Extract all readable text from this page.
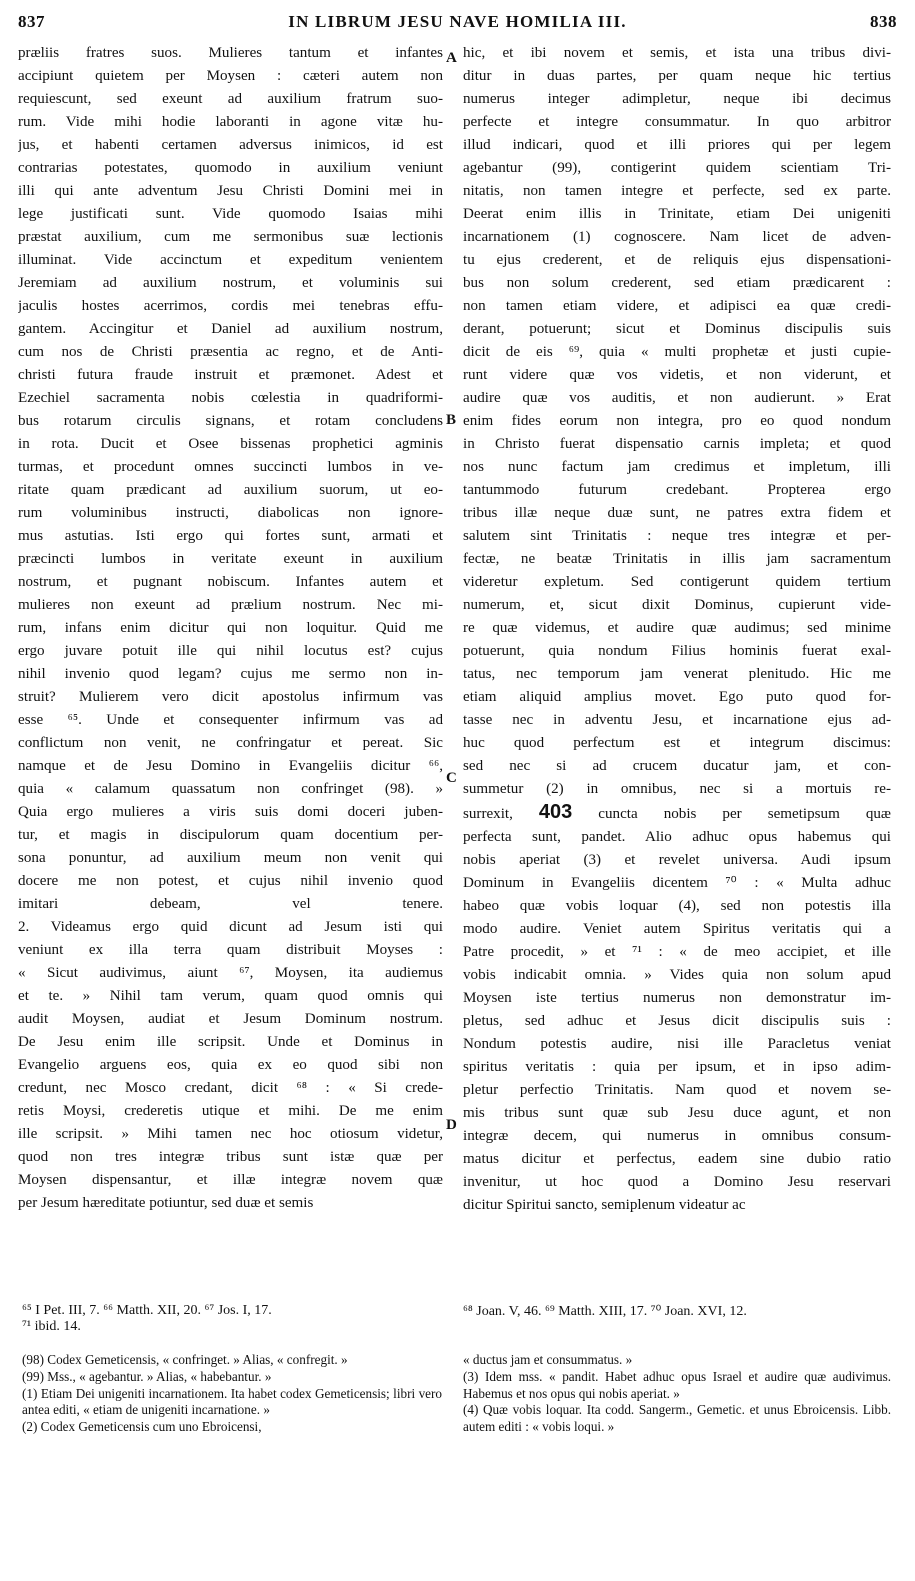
837	IN LIBRUM JESU NAVE HOMILIA III.	838
præliis fratres suos. Mulieres tantum et infantes
accipiunt quietem per Moysen : cæteri autem non
requiescunt, sed exeunt ad auxilium fratrum suo-
rum. Vide mihi hodie laboranti in agone vitæ hu-
jus, et habenti certamen adversus inimicos, id est
contrarias potestates, quomodo in auxilium veniunt
illi qui ante adventum Jesu Christi Domini mei in
lege justificati sunt. Vide quomodo Isaias mihi
præstat auxilium, cum me sermonibus suæ lectionis
illuminat. Vide accinctum et expeditum venientem
Jeremiam ad auxilium nostrum, et voluminis sui
jaculis hostes acerrimos, cordis mei tenebras effu-
gantem. Accingitur et Daniel ad auxilium nostrum,
cum nos de Christi præsentia ac regno, et de Anti-
christi futura fraude instruit et præmonet. Adest et
Ezechiel sacramenta nobis cœlestia in quadriformi-
bus rotarum circulis signans, et rotam concludens
in rota. Ducit et Osee bissenas prophetici agminis
turmas, et procedunt omnes succincti lumbos in ve-
ritate quam prædicant ad auxilium suorum, ut eo-
rum voluminibus instructi, diabolicas non ignore-
mus astutias. Isti ergo qui fortes sunt, armati et
præcincti lumbos in veritate exeunt in auxilium
nostrum, et pugnant nobiscum. Infantes autem et
mulieres non exeunt ad prælium nostrum. Nec mi-
rum, infans enim dicitur qui non loquitur. Quid me
ergo juvare potuit ille qui nihil locutus est? cujus
nihil invenio quod legam? cujus me sermo non in-
struit? Mulierem vero dicit apostolus infirmum vas
esse ⁶⁵. Unde et consequenter infirmum vas ad
conflictum non venit, ne confringatur et pereat. Sic
namque et de Jesu Domino in Evangeliis dicitur ⁶⁶,
quia « calamum quassatum non confringet (98). »
Quia ergo mulieres a viris suis domi doceri juben-
tur, et magis in discipulorum quam docentium per-
sona ponuntur, ad auxilium meum non venit qui
docere me non potest, et cujus nihil invenio quod
imitari debeam, vel tenere.
2. Videamus ergo quid dicunt ad Jesum isti qui
veniunt ex illa terra quam distribuit Moyses :
« Sicut audivimus, aiunt ⁶⁷, Moysen, ita audiemus
et te. » Nihil tam verum, quam quod omnis qui
audit Moysen, audiat et Jesum Dominum nostrum.
De Jesu enim ille scripsit. Unde et Dominus in
Evangelio arguens eos, quia ex eo quod sibi non
credunt, nec Mosco credant, dicit ⁶⁸ : « Si crede-
retis Moysi, crederetis utique et mihi. De me enim
ille scripsit. » Mihi tamen nec hoc otiosum videtur,
quod non tres integræ tribus sunt istæ quæ per
Moysen dispensantur, et illæ integræ novem quæ
per Jesum hæreditate potiuntur, sed duæ et semis
hic, et ibi novem et semis, et ista una tribus divi-
ditur in duas partes, per quam neque hic tertius
numerus integer adimpletur, neque ibi decimus
perfecte et integre consummatur. In quo arbitror
illud indicari, quod et illi priores qui per legem
agebantur (99), contigerint quidem scientiam Tri-
nitatis, non tamen integre et perfecte, sed ex parte.
Deerat enim illis in Trinitate, etiam Dei unigeniti
incarnationem (1) cognoscere. Nam licet de adven-
tu ejus crederent, et de reliquis ejus dispensationi-
bus non solum crederent, sed etiam prædicarent :
non tamen etiam videre, et adipisci ea quæ credi-
derant, potuerunt; sicut et Dominus discipulis suis
dicit de eis ⁶⁹, quia « multi prophetæ et justi cupie-
runt videre quæ vos videtis, et non viderunt, et
audire quæ vos auditis, et non audierunt. » Erat
enim fides eorum non integra, pro eo quod nondum
in Christo fuerat dispensatio carnis impleta; et quod
nos nunc factum jam credimus et impletum, illi
tantummodo futurum credebant. Propterea ergo
tribus illæ neque duæ sunt, ne patres extra fidem et
salutem sint Trinitatis : neque tres integræ et per-
fectæ, ne beatæ Trinitatis in illis jam sacramentum
videretur expletum. Sed contigerunt quidem tertium
numerum, et, sicut dixit Dominus, cupierunt vide-
re quæ videmus, et audire quæ audimus; sed minime
potuerunt, quia nondum Filius hominis fuerat exal-
tatus, nec temporum jam venerat plenitudo. Hic me
etiam aliquid amplius movet. Ego puto quod for-
tasse nec in adventu Jesu, et incarnatione ejus ad-
huc quod perfectum est et integrum discimus:
sed nec si ad crucem ducatur jam, et con-
summetur (2) in omnibus, nec si a mortuis re-
surrexit, 403 cuncta nobis per semetipsum quæ
perfecta sunt, pandet. Alio adhuc opus habemus qui
nobis aperiat (3) et revelet universa. Audi ipsum
Dominum in Evangeliis dicentem ⁷⁰ : « Multa adhuc
habeo quæ vobis loquar (4), sed non potestis illa
modo audire. Veniet autem Spiritus veritatis qui a
Patre procedit, » et ⁷¹ : « de meo accipiet, et ille
vobis indicabit omnia. » Vides quia non solum apud
Moysen iste tertius numerus non demonstratur im-
pletus, sed adhuc et Jesus dicit discipulis suis :
Nondum potestis audire, nisi ille Paracletus veniat
spiritus veritatis : quia per ipsum, et in ipso adim-
pletur perfectio Trinitatis. Nam quod et novem se-
mis tribus sunt quæ sub Jesu duce agunt, et non
integræ decem, qui numerus in omnibus consum-
matus dicitur et perfectus, eadem sine dubio ratio
invenitur, ut hoc quod a Domino Jesu reservari
dicitur Spiritui sancto, semiplenum videatur ac
A
B
C
D
⁶⁵ I Pet. III, 7. ⁶⁶ Matth. XII, 20. ⁶⁷ Jos. I, 17.
⁷¹ ibid. 14.
⁶⁸ Joan. V, 46. ⁶⁹ Matth. XIII, 17. ⁷⁰ Joan. XVI, 12.

(98) Codex Gemeticensis, « confringet. » Alias, « confregit. »

(99) Mss., « agebantur. » Alias, « habebantur. »

(1) Etiam Dei unigeniti incarnationem. Ita habet codex Gemeticensis; libri vero antea editi, « etiam de unigeniti incarnatione. »

(2) Codex Gemeticensis cum uno Ebroicensi,

« ductus jam et consummatus. »

(3) Idem mss. « pandit. Habet adhuc opus Israel et audire quæ audivimus. Habemus et nos opus qui nobis aperiat. »

(4) Quæ vobis loquar. Ita codd. Sangerm., Gemetic. et unus Ebroicensis. Libb. autem editi : « vobis loqui. »
